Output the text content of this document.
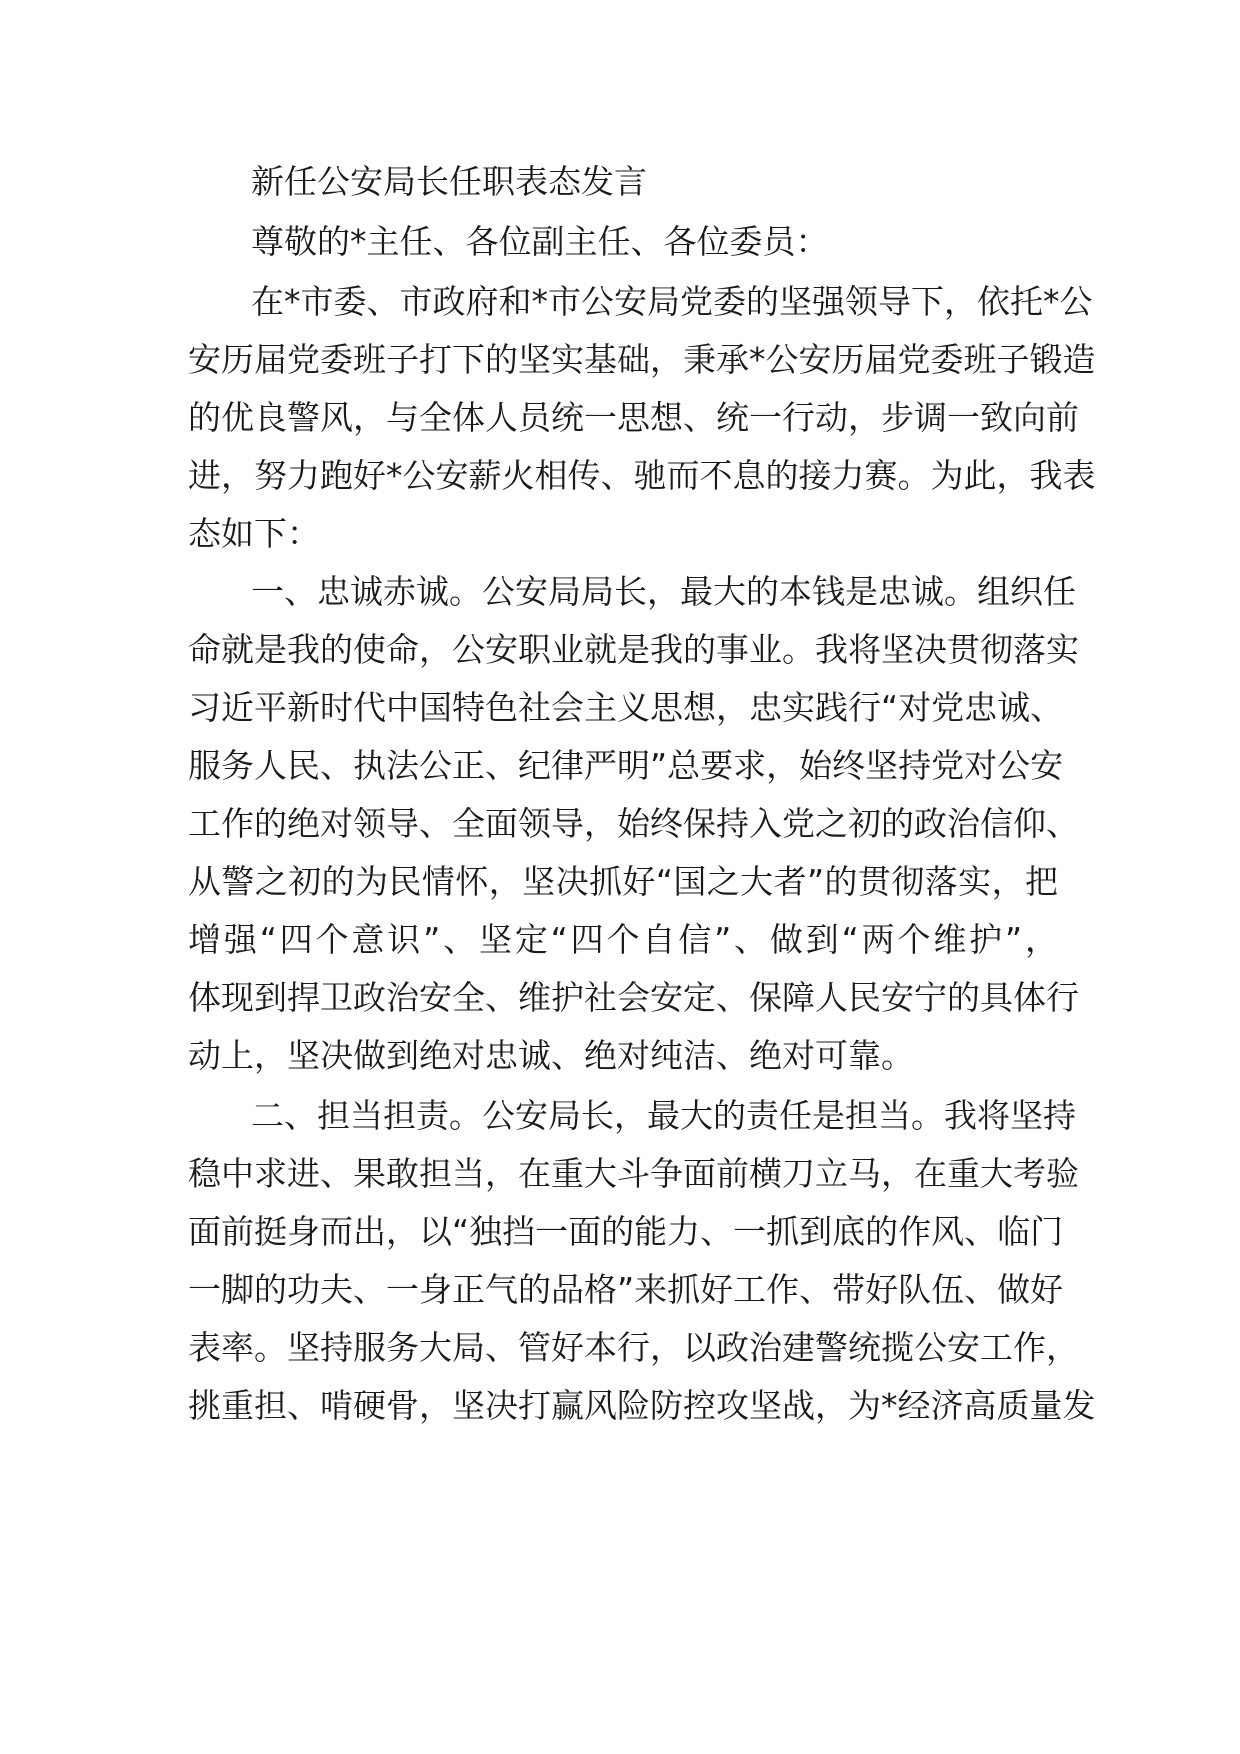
新任公安局长任职表态发言
尊敬的*主任、各位副主任、各位委员：
在*市委、市政府和*市公安局党委的坚强领导下，依托*公
安历届党委班子打下的坚实基础，秉承*公安历届党委班子锻造
的优良警风，与全体人员统一思想、统一行动，步调一致向前
进，努力跑好*公安薪火相传、驰而不息的接力赛。为此，我表
态如下：
一、忠诚赤诚。公安局局长，最大的本钱是忠诚。组织任
命就是我的使命，公安职业就是我的事业。我将坚决贯彻落实
习近平新时代中国特色社会主义思想，忠实践行“对党忠诚、
服务人民、执法公正、纪律严明”总要求，始终坚持党对公安
工作的绝对领导、全面领导，始终保持入党之初的政治信仰、
从警之初的为民情怀，坚决抓好“国之大者”的贯彻落实，把
增强“四个意识”、坚定“四个自信”、做到“两个维护”，
体现到捍卫政治安全、维护社会安定、保障人民安宁的具体行
动上，坚决做到绝对忠诚、绝对纯洁、绝对可靠。
二、担当担责。公安局长，最大的责任是担当。我将坚持
稳中求进、果敢担当，在重大斗争面前横刀立马，在重大考验
面前挺身而出，以“独挡一面的能力、一抓到底的作风、临门
一脚的功夫、一身正气的品格”来抓好工作、带好队伍、做好
表率。坚持服务大局、管好本行，以政治建警统揽公安工作，
挑重担、啃硬骨，坚决打赢风险防控攻坚战，为*经济高质量发
